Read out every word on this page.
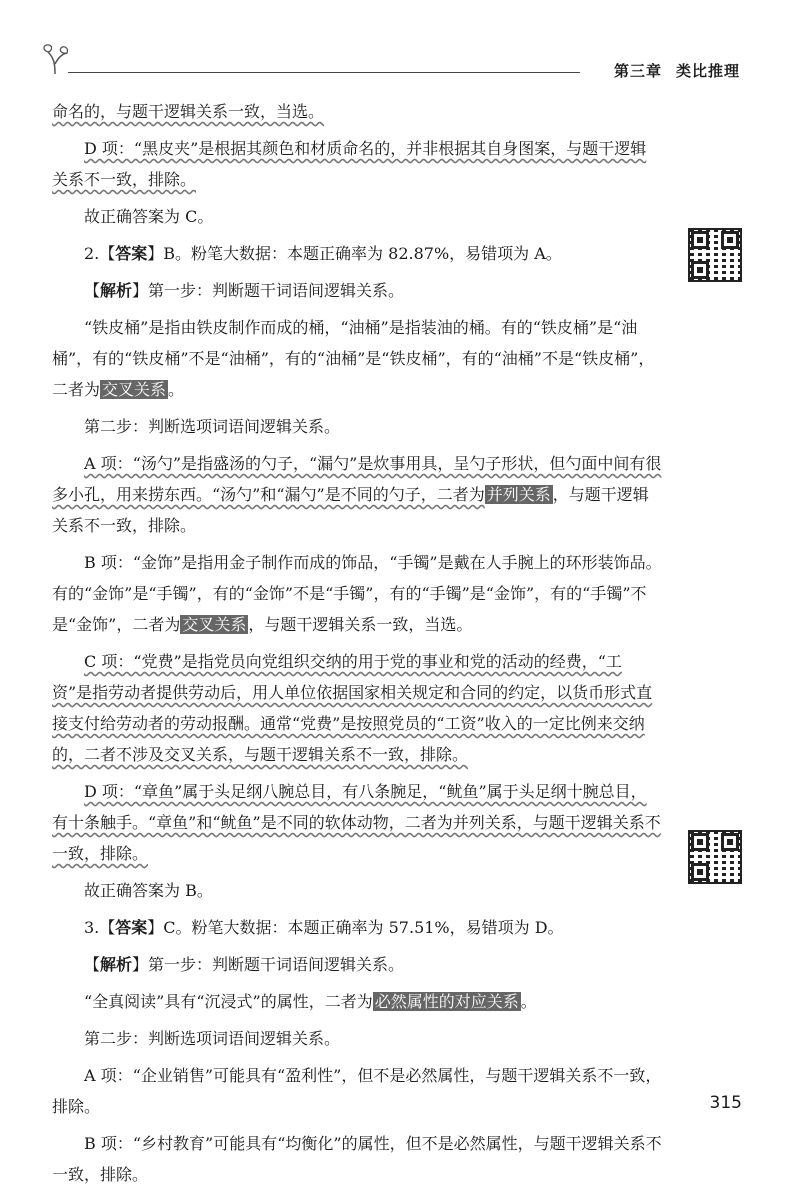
第三章 类比推理

命名的，与题干逻辑关系一致，当选。

D 项：“黑皮夹”是根据其颜色和材质命名的，并非根据其自身图案，与题干逻辑关系不一致，排除。

故正确答案为 C。

2.【答案】B。粉笔大数据：本题正确率为 82.87%，易错项为 A。

【解析】第一步：判断题干词语间逻辑关系。

“铁皮桶”是指由铁皮制作而成的桶，“油桶”是指装油的桶。有的“铁皮桶”是“油桶”，有的“铁皮桶”不是“油桶”，有的“油桶”是“铁皮桶”，有的“油桶”不是“铁皮桶”，二者为 交叉关系 。

第二步：判断选项词语间逻辑关系。

A 项：“汤勺”是指盛汤的勺子，“漏勺”是炊事用具，呈勺子形状，但勺面中间有很多小孔，用来捞东西。“汤勺”和“漏勺”是不同的勺子，二者为 并列关系 ，与题干逻辑关系不一致，排除。

B 项：“金饰”是指用金子制作而成的饰品，“手镯”是戴在人手腕上的环形装饰品。有的“金饰”是“手镯”，有的“金饰”不是“手镯”，有的“手镯”是“金饰”，有的“手镯”不是“金饰”，二者为 交叉关系 ，与题干逻辑关系一致，当选。

C 项：“党费”是指党员向党组织交纳的用于党的事业和党的活动的经费，“工资”是指劳动者提供劳动后，用人单位依据国家相关规定和合同的约定，以货币形式直接支付给劳动者的劳动报酬。通常“党费”是按照党员的“工资”收入的一定比例来交纳的，二者不涉及交叉关系，与题干逻辑关系不一致，排除。

D 项：“章鱼”属于头足纲八腕总目，有八条腕足，“鱿鱼”属于头足纲十腕总目，有十条触手。“章鱼”和“鱿鱼”是不同的软体动物，二者为并列关系，与题干逻辑关系不一致，排除。

故正确答案为 B。

3.【答案】C。粉笔大数据：本题正确率为 57.51%，易错项为 D。

【解析】第一步：判断题干词语间逻辑关系。

“全真阅读”具有“沉浸式”的属性，二者为 必然属性的对应关系 。

第二步：判断选项词语间逻辑关系。

A 项：“企业销售”可能具有“盈利性”，但不是必然属性，与题干逻辑关系不一致，排除。

B 项：“乡村教育”可能具有“均衡化”的属性，但不是必然属性，与题干逻辑关系不一致，排除。

315
